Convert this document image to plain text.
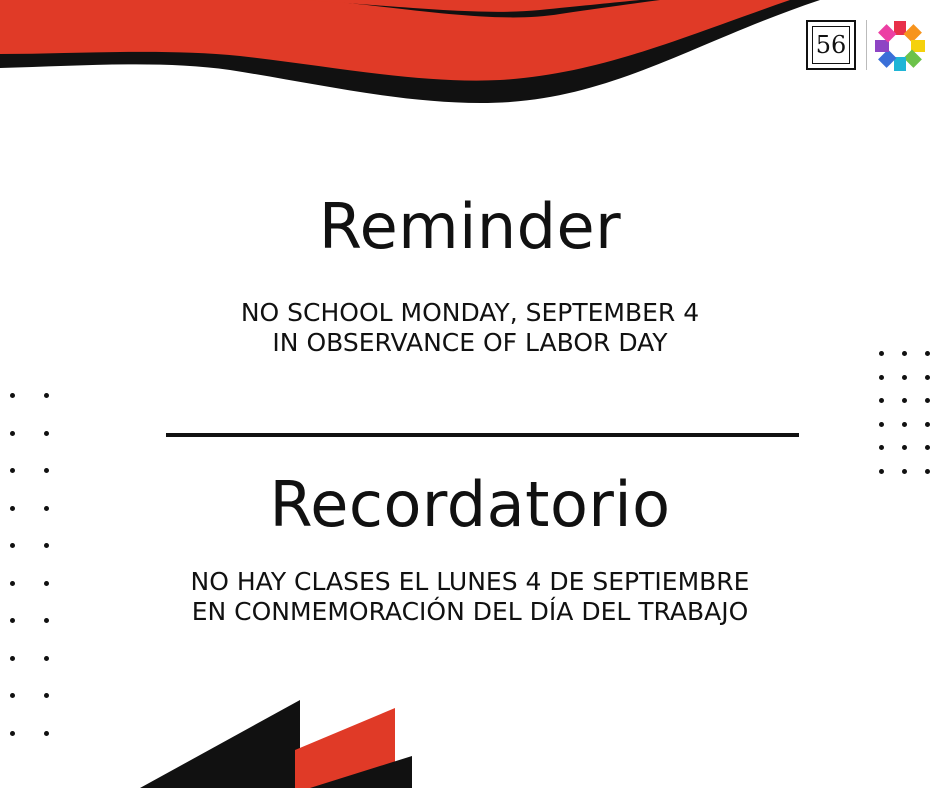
56
Reminder
NO SCHOOL MONDAY, SEPTEMBER 4
IN OBSERVANCE OF LABOR DAY
Recordatorio
NO HAY CLASES EL LUNES 4 DE SEPTIEMBRE
EN CONMEMORACIÓN DEL DÍA DEL TRABAJO
